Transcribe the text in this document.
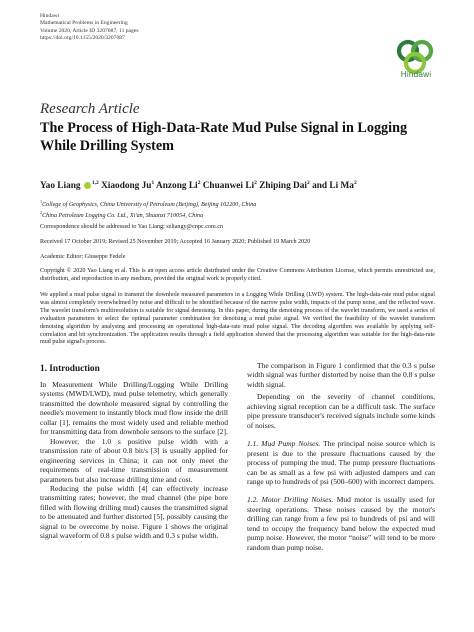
Hindawi
Mathematical Problems in Engineering
Volume 2020, Article ID 3207087, 11 pages
https://doi.org/10.1155/2020/3207087
Hindawi
Research Article
The Process of High-Data-Rate Mud Pulse Signal in Logging While Drilling System
Yao Liang $^{1,2}$ Xiaodong Ju$^1$ Anzong Li$^2$ Chuanwei Li$^2$ Zhiping Dai$^2$ and Li Ma$^2$
$^1$College of Geophysics, China University of Petroleum (Beijing), Beijing 102200, China
$^2$China Petroleum Logging Co. Ltd., Xi'an, Shaanxi 710054, China
Correspondence should be addressed to Yao Liang; szliangy@cnpc.com.cn
Received 17 October 2019; Revised 25 November 2019; Accepted 16 January 2020; Published 19 March 2020
Academic Editor: Giuseppe Fedele

Copyright © 2020 Yao Liang et al. This is an open access article distributed under the Creative Commons Attribution License, which permits unrestricted use, distribution, and reproduction in any medium, provided the original work is properly cited.

We applied a mud pulse signal to transmit the downhole measured parameters in a Logging While Drilling (LWD) system. The high-data-rate mud pulse signal was almost completely overwhelmed by noise and difficult to be identified because of the narrow pulse width, impacts of the pump noise, and the reflected wave. The wavelet transform's multiresolution is suitable for signal denoising. In this paper, during the denoising process of the wavelet transform, we used a series of evaluation parameters to select the optimal parameter combination for denoising a mud pulse signal. We verified the feasibility of the wavelet transform denoising algorithm by analysing and processing an operational high-data-rate mud pulse signal. The decoding algorithm was available by applying self-correlation and bit synchronization. The application results through a field application showed that the processing algorithm was suitable for the high-data-rate mud pulse signal's process.

1. Introduction

In Measurement While Drilling/Logging While Drilling systems (MWD/LWD), mud pulse telemetry, which generally transmitted the downhole measured signal by controlling the needle's movement to instantly block mud flow inside the drill collar [1], remains the most widely used and reliable method for transmitting data from downhole sensors to the surface [2].

However, the 1.0 s positive pulse width with a transmission rate of about 0.8 bit/s [3] is usually applied for engineering services in China; it can not only meet the requirements of real-time transmission of measurement parameters but also increase drilling time and cost.

Reducing the pulse width [4] can effectively increase transmitting rates; however, the mud channel (the pipe bore filled with flowing drilling mud) causes the transmitted signal to be attenuated and further distorted [5], possibly causing the signal to be overcome by noise. Figure 1 shows the original signal waveform of 0.8 s pulse width and 0.3 s pulse width.

The comparison in Figure 1 confirmed that the 0.3 s pulse width signal was further distorted by noise than the 0.8 s pulse width signal.

Depending on the severity of channel conditions, achieving signal reception can be a difficult task. The surface pipe pressure transducer's received signals include some kinds of noises.

1.1. Mud Pump Noises. The principal noise source which is present is due to the pressure fluctuations caused by the process of pumping the mud. The pump pressure fluctuations can be as small as a few psi with adjusted dampers and can range up to hundreds of psi (500–600) with incorrect dampers.

1.2. Motor Drilling Noises. Mud motor is usually used for steering operations. These noises caused by the motor's drilling can range from a few psi to hundreds of psi and will tend to occupy the frequency band below the expected mud pump noise. However, the motor “noise” will tend to be more random than pump noise.
